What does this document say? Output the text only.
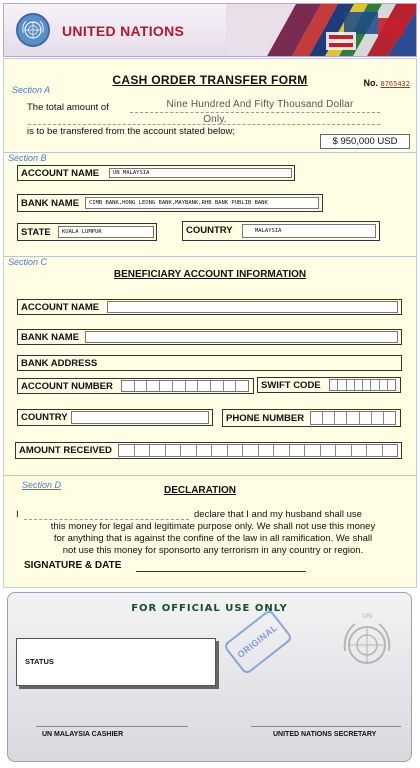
UNITED NATIONS
CASH ORDER TRANSFER FORM	No. 8765432
Section A
The total amount of	Nine Hundred And Fifty Thousand Dollar
Only.
is to be transfered from the account stated below;
$ 950,000 USD
Section B
ACCOUNT NAME	UN MALAYSIA
BANK NAME	CIMB BANK,HONG LEONG BANK,MAYBANK,RHB BANK PUBLIB BANK
STATE	KUALA LUMPUR	COUNTRY	MALAYSIA
Section C
BENEFICIARY ACCOUNT INFORMATION
ACCOUNT NAME
BANK NAME
BANK ADDRESS
ACCOUNT NUMBER	SWIFT CODE
COUNTRY	PHONE NUMBER
AMOUNT RECEIVED
Section D	DECLARATION
I	declare that I and my husband shall use
this money for legal and legitimate purpose only. We shall not use this money
for anything that is against the confine of the law in all ramification. We shall
not use this money for sponsorto any terrorism in any country or region.
SIGNATURE & DATE
FOR OFFICIAL USE ONLY
STATUS
ORIGINAL
UN
UN MALAYSIA CASHIER	UNITED NATIONS SECRETARY
